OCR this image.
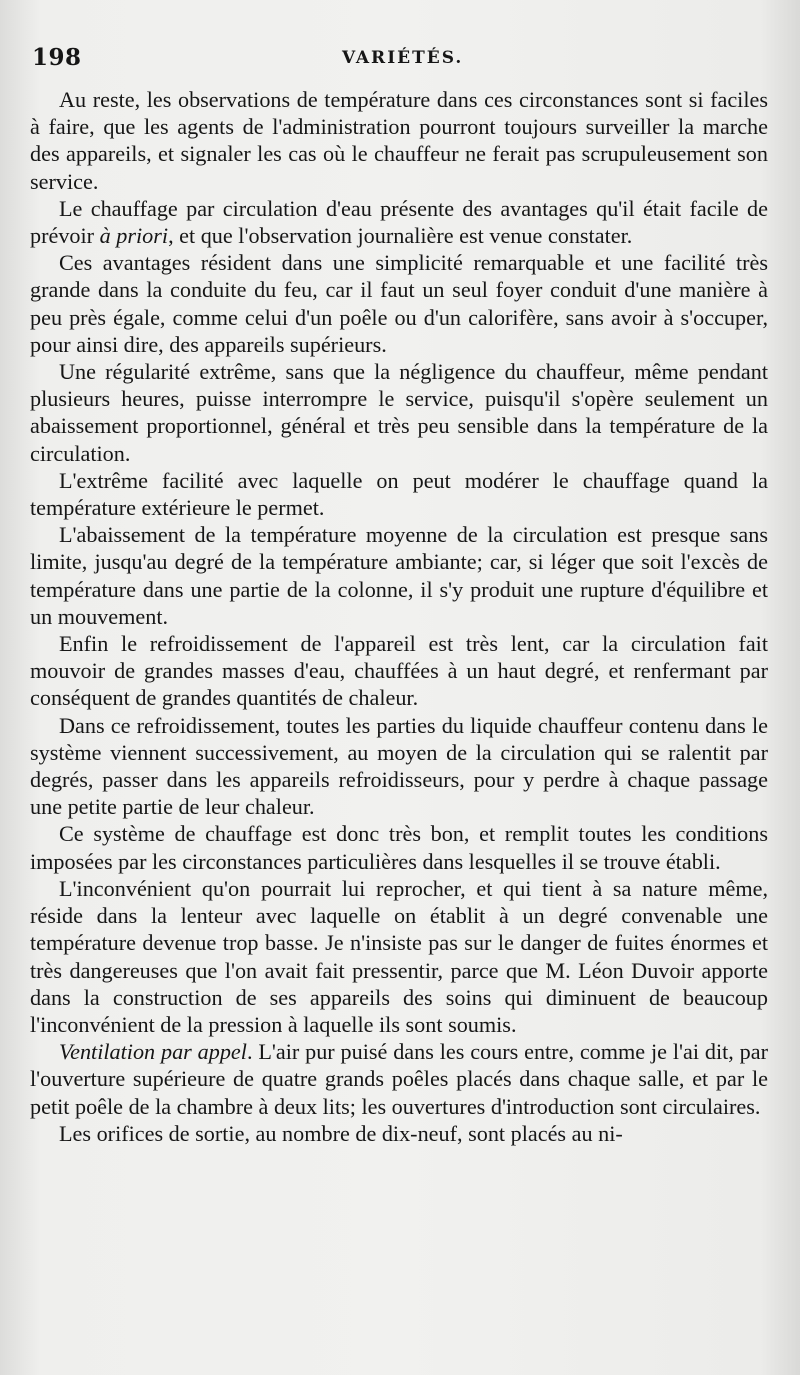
198	VARIÉTÉS.

Au reste, les observations de température dans ces circonstances sont si faciles à faire, que les agents de l'administration pourront toujours surveiller la marche des appareils, et signaler les cas où le chauffeur ne ferait pas scrupuleusement son service.

Le chauffage par circulation d'eau présente des avantages qu'il était facile de prévoir à priori, et que l'observation journalière est venue constater.

Ces avantages résident dans une simplicité remarquable et une facilité très grande dans la conduite du feu, car il faut un seul foyer conduit d'une manière à peu près égale, comme celui d'un poêle ou d'un calorifère, sans avoir à s'occuper, pour ainsi dire, des appareils supérieurs.

Une régularité extrême, sans que la négligence du chauffeur, même pendant plusieurs heures, puisse interrompre le service, puisqu'il s'opère seulement un abaissement proportionnel, général et très peu sensible dans la température de la circulation.

L'extrême facilité avec laquelle on peut modérer le chauffage quand la température extérieure le permet.

L'abaissement de la température moyenne de la circulation est presque sans limite, jusqu'au degré de la température ambiante; car, si léger que soit l'excès de température dans une partie de la colonne, il s'y produit une rupture d'équilibre et un mouvement.

Enfin le refroidissement de l'appareil est très lent, car la circulation fait mouvoir de grandes masses d'eau, chauffées à un haut degré, et renfermant par conséquent de grandes quantités de chaleur.

Dans ce refroidissement, toutes les parties du liquide chauffeur contenu dans le système viennent successivement, au moyen de la circulation qui se ralentit par degrés, passer dans les appareils refroidisseurs, pour y perdre à chaque passage une petite partie de leur chaleur.

Ce système de chauffage est donc très bon, et remplit toutes les conditions imposées par les circonstances particulières dans lesquelles il se trouve établi.

L'inconvénient qu'on pourrait lui reprocher, et qui tient à sa nature même, réside dans la lenteur avec laquelle on établit à un degré convenable une température devenue trop basse. Je n'insiste pas sur le danger de fuites énormes et très dangereuses que l'on avait fait pressentir, parce que M. Léon Duvoir apporte dans la construction de ses appareils des soins qui diminuent de beaucoup l'inconvénient de la pression à laquelle ils sont soumis.

Ventilation par appel. L'air pur puisé dans les cours entre, comme je l'ai dit, par l'ouverture supérieure de quatre grands poêles placés dans chaque salle, et par le petit poêle de la chambre à deux lits; les ouvertures d'introduction sont circulaires.

Les orifices de sortie, au nombre de dix-neuf, sont placés au ni-
